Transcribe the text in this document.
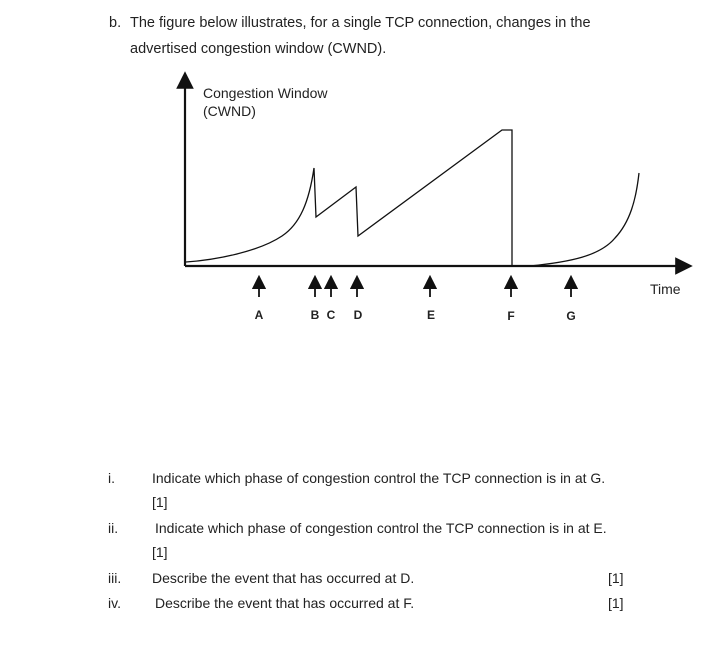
b. The figure below illustrates, for a single TCP connection, changes in the
advertised congestion window (CWND).
Congestion Window
(CWND)
Time
A	B C D	E	F	G
i.	Indicate which phase of congestion control the TCP connection is in at G.
[1]
ii.	Indicate which phase of congestion control the TCP connection is in at E.
[1]
iii. Describe the event that has occurred at D.	[1]
iv. Describe the event that has occurred at F.	[1]
